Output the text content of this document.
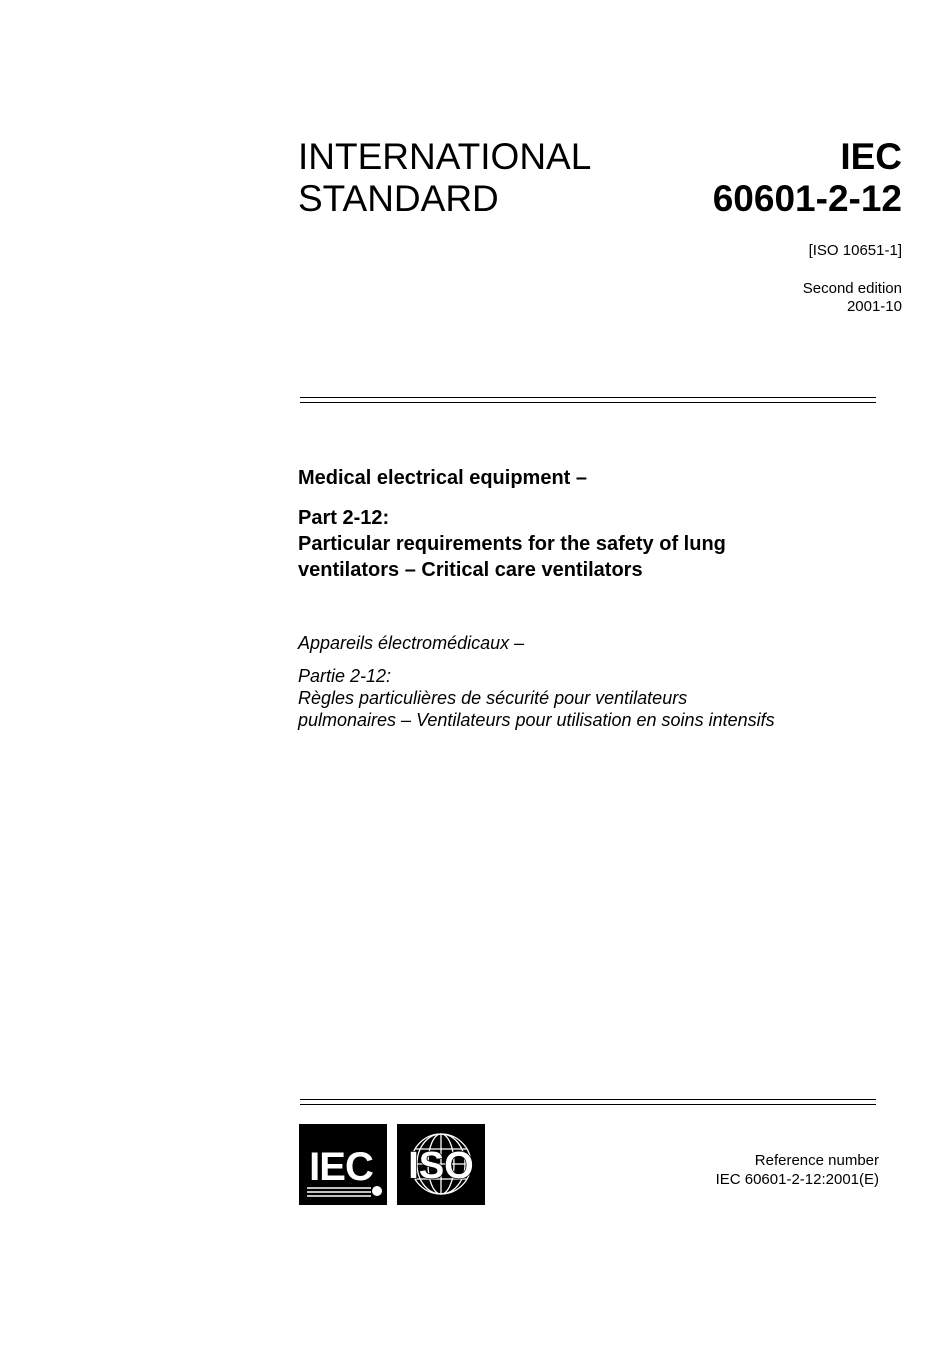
INTERNATIONAL
STANDARD
IEC
60601-2-12
[ISO 10651-1]
Second edition
2001-10
Medical electrical equipment –
Part 2-12:
Particular requirements for the safety of lung
ventilators – Critical care ventilators
Appareils électromédicaux –
Partie 2-12:
Règles particulières de sécurité pour ventilateurs
pulmonaires – Ventilateurs pour utilisation en soins intensifs
IEC ISO	Reference number
IEC 60601-2-12:2001(E)
